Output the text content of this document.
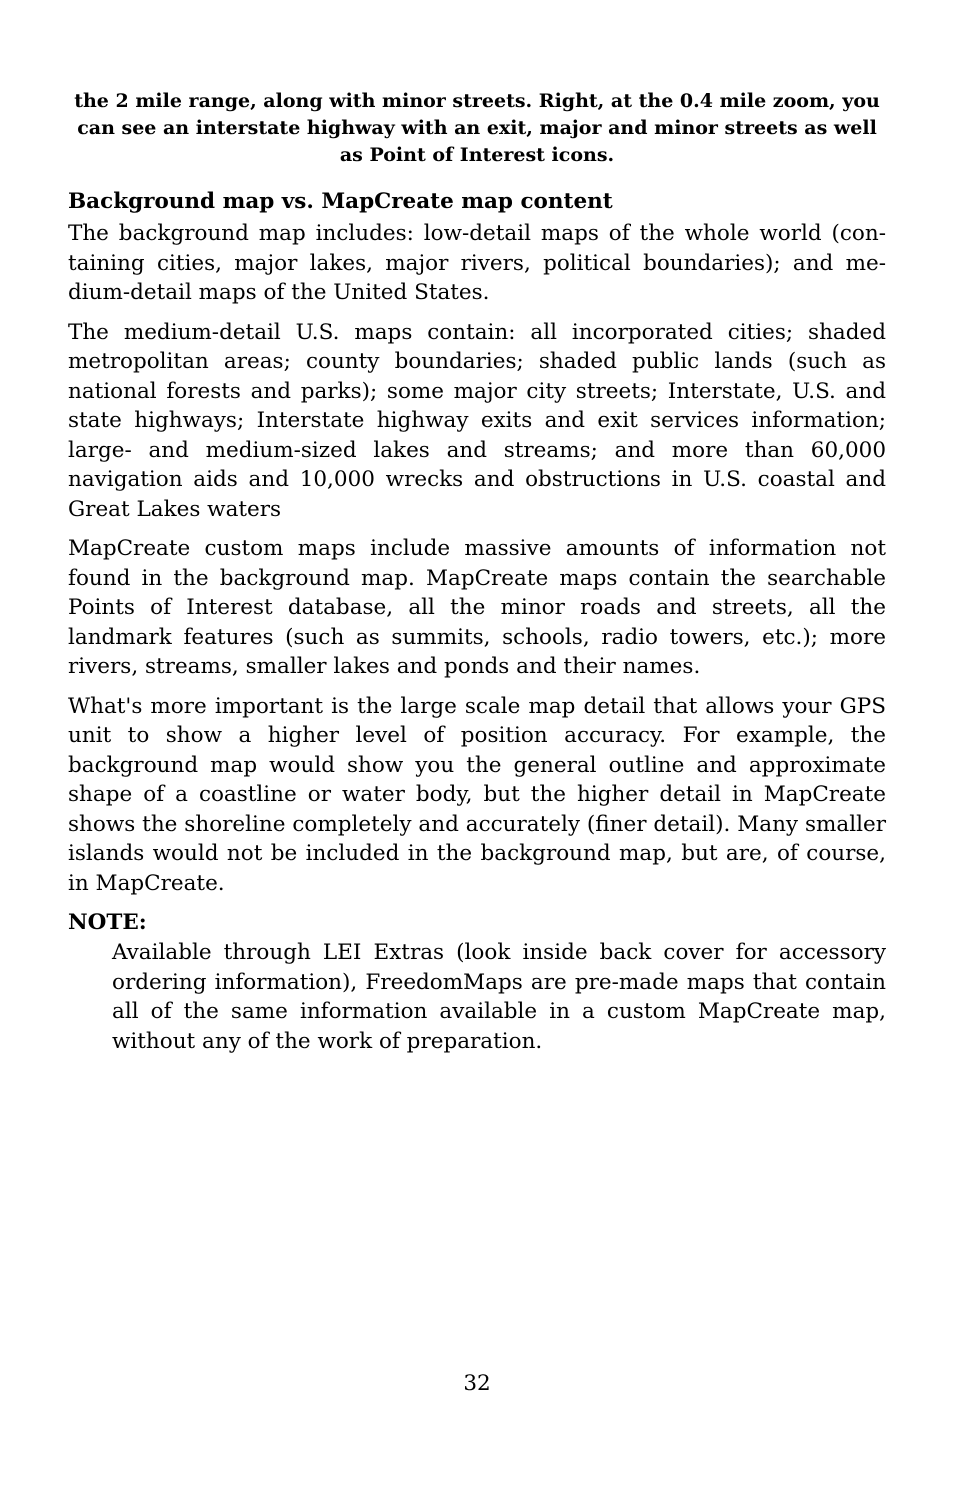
the 2 mile range, along with minor streets. Right, at the 0.4 mile zoom, you can see an interstate highway with an exit, major and minor streets as well as Point of Interest icons.

Background map vs. MapCreate map content

The background map includes: low-detail maps of the whole world (containing cities, major lakes, major rivers, political boundaries); and medium-detail maps of the United States.

The medium-detail U.S. maps contain: all incorporated cities; shaded metropolitan areas; county boundaries; shaded public lands (such as national forests and parks); some major city streets; Interstate, U.S. and state highways; Interstate highway exits and exit services information; large- and medium-sized lakes and streams; and more than 60,000 navigation aids and 10,000 wrecks and obstructions in U.S. coastal and Great Lakes waters

MapCreate custom maps include massive amounts of information not found in the background map. MapCreate maps contain the searchable Points of Interest database, all the minor roads and streets, all the landmark features (such as summits, schools, radio towers, etc.); more rivers, streams, smaller lakes and ponds and their names.

What's more important is the large scale map detail that allows your GPS unit to show a higher level of position accuracy. For example, the background map would show you the general outline and approximate shape of a coastline or water body, but the higher detail in MapCreate shows the shoreline completely and accurately (finer detail). Many smaller islands would not be included in the background map, but are, of course, in MapCreate.

NOTE:

Available through LEI Extras (look inside back cover for accessory ordering information), FreedomMaps are pre-made maps that contain all of the same information available in a custom MapCreate map, without any of the work of preparation.

32
